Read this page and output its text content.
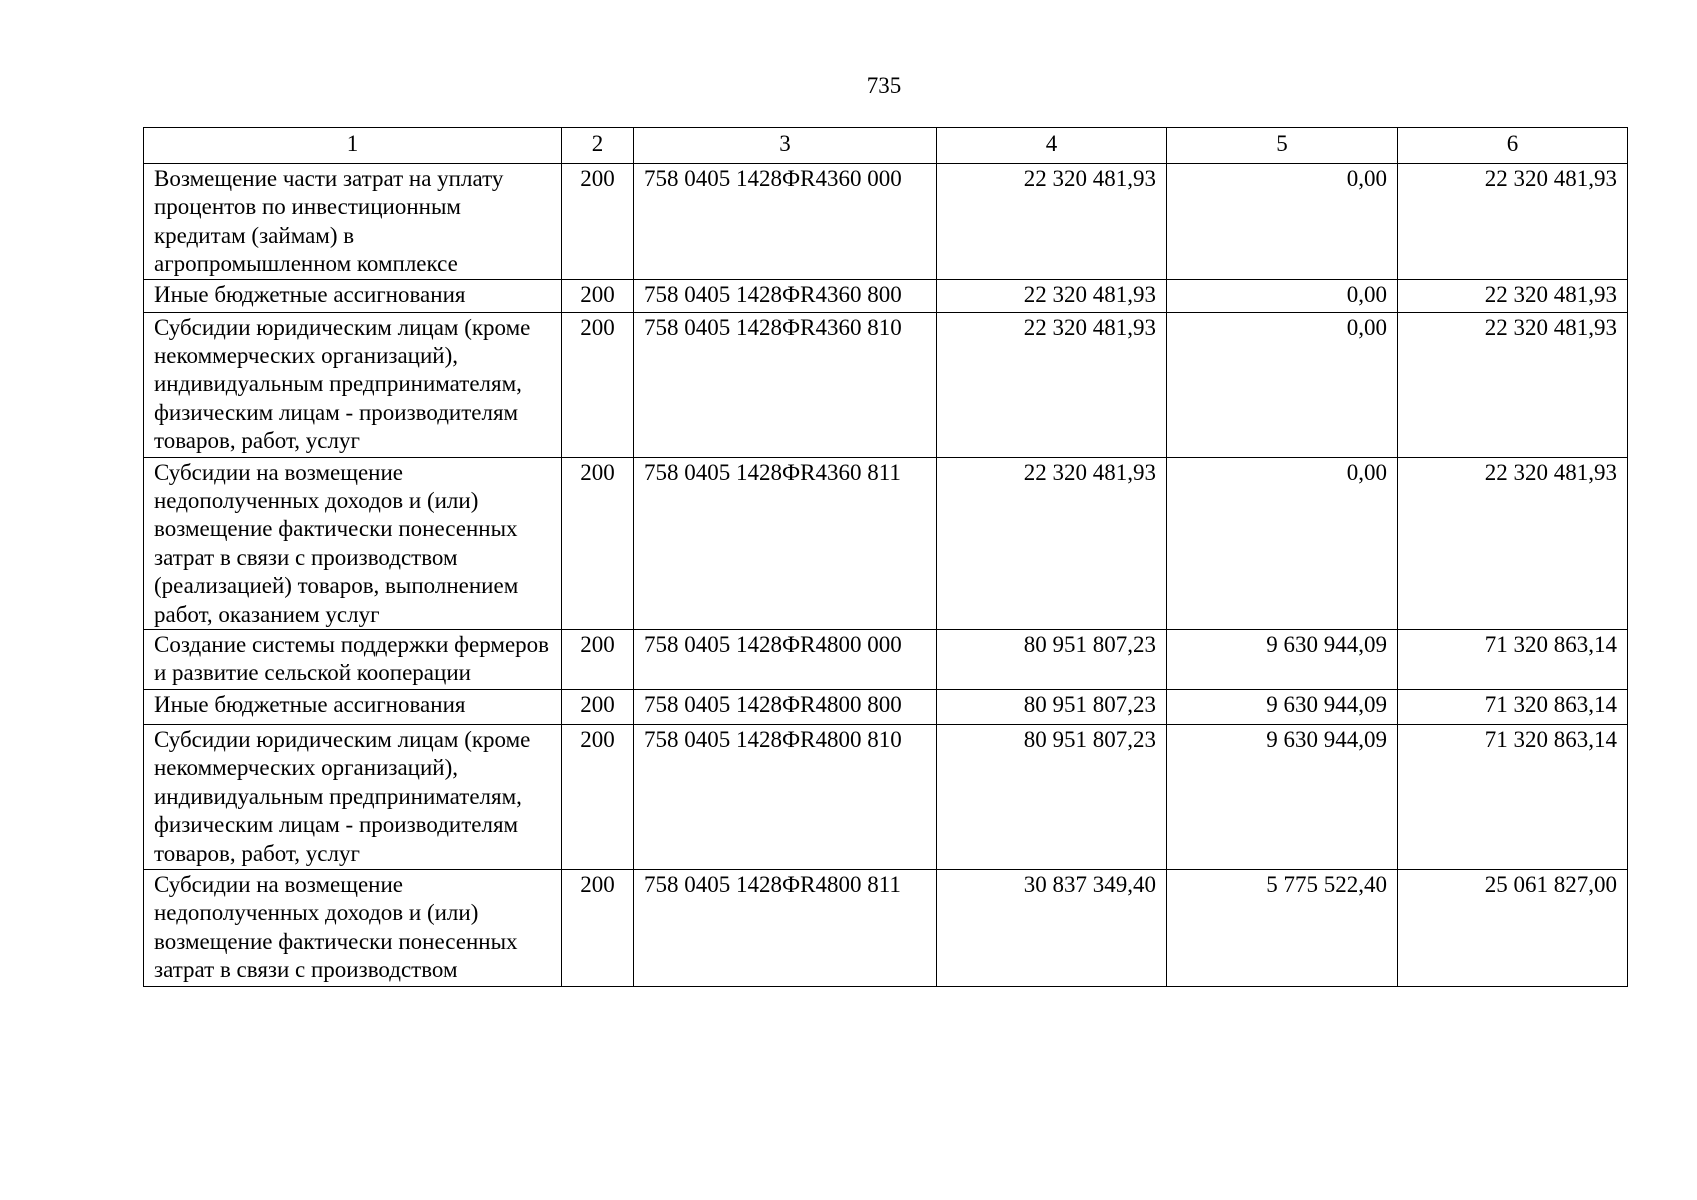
735
1	2	3	4	5	6
Возмещение части затрат на уплату процентов по инвестиционным кредитам (займам) в агропромышленном комплексе	200	758 0405 1428ФR4360 000	22 320 481,93	0,00	22 320 481,93
Иные бюджетные ассигнования	200	758 0405 1428ФR4360 800	22 320 481,93	0,00	22 320 481,93
Субсидии юридическим лицам (кроме некоммерческих организаций), индивидуальным предпринимателям, физическим лицам - производителям товаров, работ, услуг	200	758 0405 1428ФR4360 810	22 320 481,93	0,00	22 320 481,93
Субсидии на возмещение недополученных доходов и (или) возмещение фактически понесенных затрат в связи с производством (реализацией) товаров, выполнением работ, оказанием услуг	200	758 0405 1428ФR4360 811	22 320 481,93	0,00	22 320 481,93
Создание системы поддержки фермеров и развитие сельской кооперации	200	758 0405 1428ФR4800 000	80 951 807,23	9 630 944,09	71 320 863,14
Иные бюджетные ассигнования	200	758 0405 1428ФR4800 800	80 951 807,23	9 630 944,09	71 320 863,14
Субсидии юридическим лицам (кроме некоммерческих организаций), индивидуальным предпринимателям, физическим лицам - производителям товаров, работ, услуг	200	758 0405 1428ФR4800 810	80 951 807,23	9 630 944,09	71 320 863,14
Субсидии на возмещение недополученных доходов и (или) возмещение фактически понесенных затрат в связи с производством	200	758 0405 1428ФR4800 811	30 837 349,40	5 775 522,40	25 061 827,00
